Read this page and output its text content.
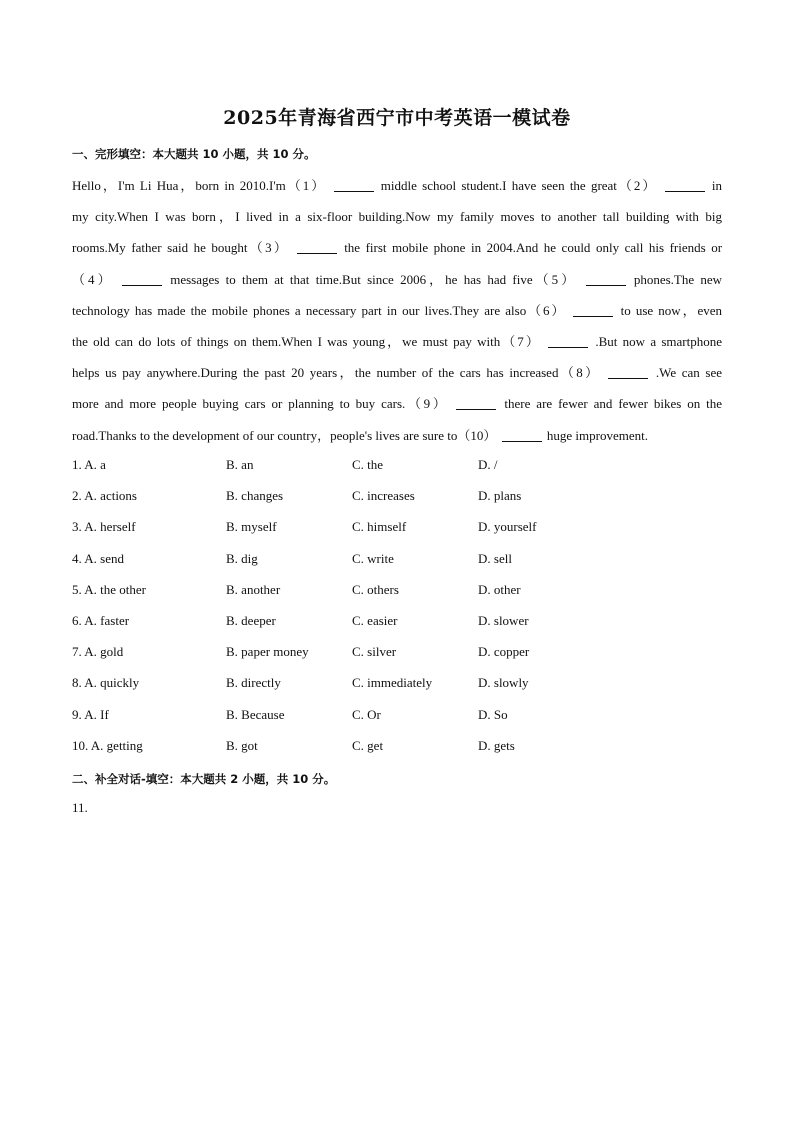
2025年青海省西宁市中考英语一模试卷
一、完形填空：本大题共 10 小题，共 10 分。
Hello，I'm Li Hua，born in 2010.I'm（1）	middle school student.I have seen the great（2）	in
my city.When I was born，I lived in a six-floor building.Now my family moves to another tall building with big
rooms.My father said he bought（3）	the first mobile phone in 2004.And he could only call his friends or
（4）	messages to them at that time.But since 2006，he has had five（5）	phones.The new
technology has made the mobile phones a necessary part in our lives.They are also（6）	to use now，even
the old can do lots of things on them.When I was young，we must pay with（7）	.But now a smartphone
helps us pay anywhere.During the past 20 years，the number of the cars has increased（8）	.We can see
more and more people buying cars or planning to buy cars.（9）	there are fewer and fewer bikes on the
road.Thanks to the development of our country，people's lives are sure to（10）	huge improvement.
1. A. a	B. an	C. the	D. /
2. A. actions	B. changes	C. increases	D. plans
3. A. herself	B. myself	C. himself	D. yourself
4. A. send	B. dig	C. write	D. sell
5. A. the other	B. another	C. others	D. other
6. A. faster	B. deeper	C. easier	D. slower
7. A. gold	B. paper money	C. silver	D. copper
8. A. quickly	B. directly	C. immediately	D. slowly
9. A. If	B. Because	C. Or	D. So
10. A. getting	B. got	C. get	D. gets
二、补全对话-填空：本大题共 2 小题，共 10 分。
11.
